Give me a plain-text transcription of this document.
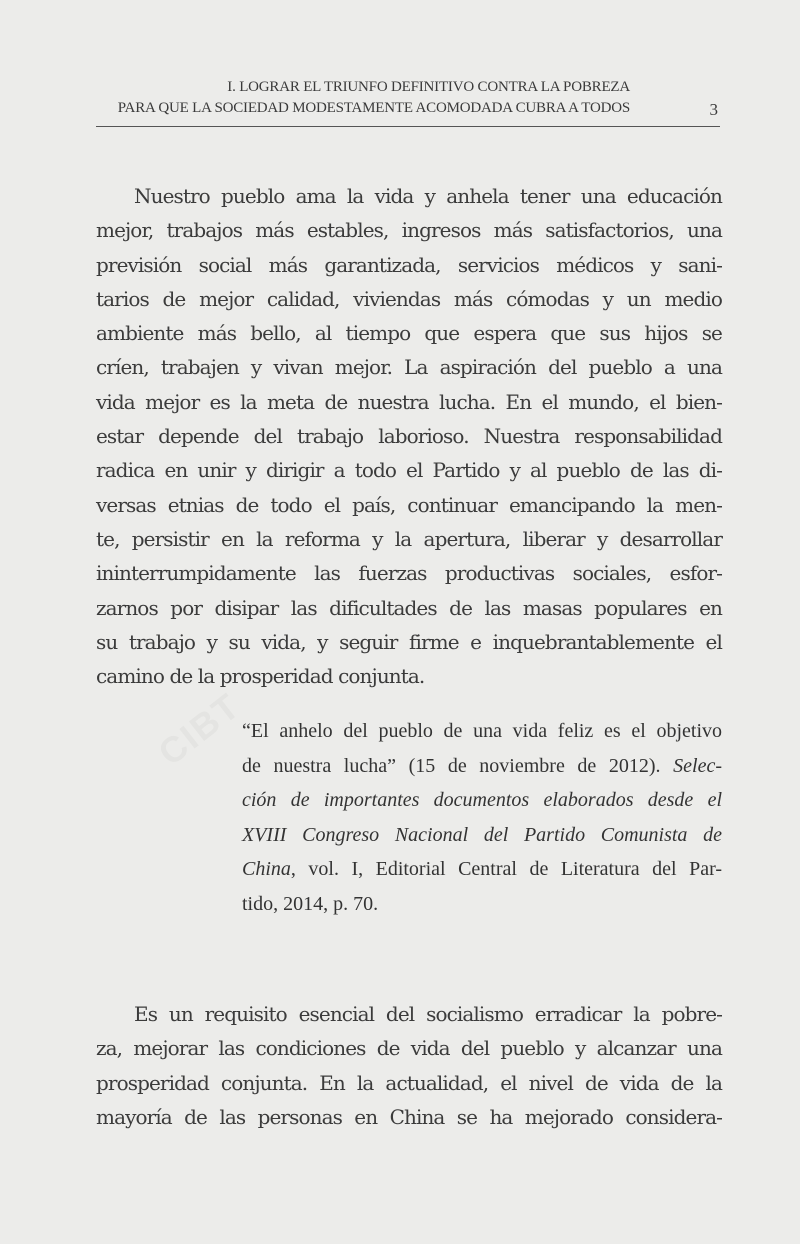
I. LOGRAR EL TRIUNFO DEFINITIVO CONTRA LA POBREZA
PARA QUE LA SOCIEDAD MODESTAMENTE ACOMODADA CUBRA A TODOS	3
CIBT
Nuestro pueblo ama la vida y anhela tener una educación
mejor, trabajos más estables, ingresos más satisfactorios, una
previsión social más garantizada, servicios médicos y sani-
tarios de mejor calidad, viviendas más cómodas y un medio
ambiente más bello, al tiempo que espera que sus hijos se
críen, trabajen y vivan mejor. La aspiración del pueblo a una
vida mejor es la meta de nuestra lucha. En el mundo, el bien-
estar depende del trabajo laborioso. Nuestra responsabilidad
radica en unir y dirigir a todo el Partido y al pueblo de las di-
versas etnias de todo el país, continuar emancipando la men-
te, persistir en la reforma y la apertura, liberar y desarrollar
ininterrumpidamente las fuerzas productivas sociales, esfor-
zarnos por disipar las dificultades de las masas populares en
su trabajo y su vida, y seguir firme e inquebrantablemente el
camino de la prosperidad conjunta.
“El anhelo del pueblo de una vida feliz es el objetivo
de nuestra lucha” (15 de noviembre de 2012). Selec-
ción de importantes documentos elaborados desde el
XVIII Congreso Nacional del Partido Comunista de
China, vol. I, Editorial Central de Literatura del Par-
tido, 2014, p. 70.
Es un requisito esencial del socialismo erradicar la pobre-
za, mejorar las condiciones de vida del pueblo y alcanzar una
prosperidad conjunta. En la actualidad, el nivel de vida de la
mayoría de las personas en China se ha mejorado considera-
